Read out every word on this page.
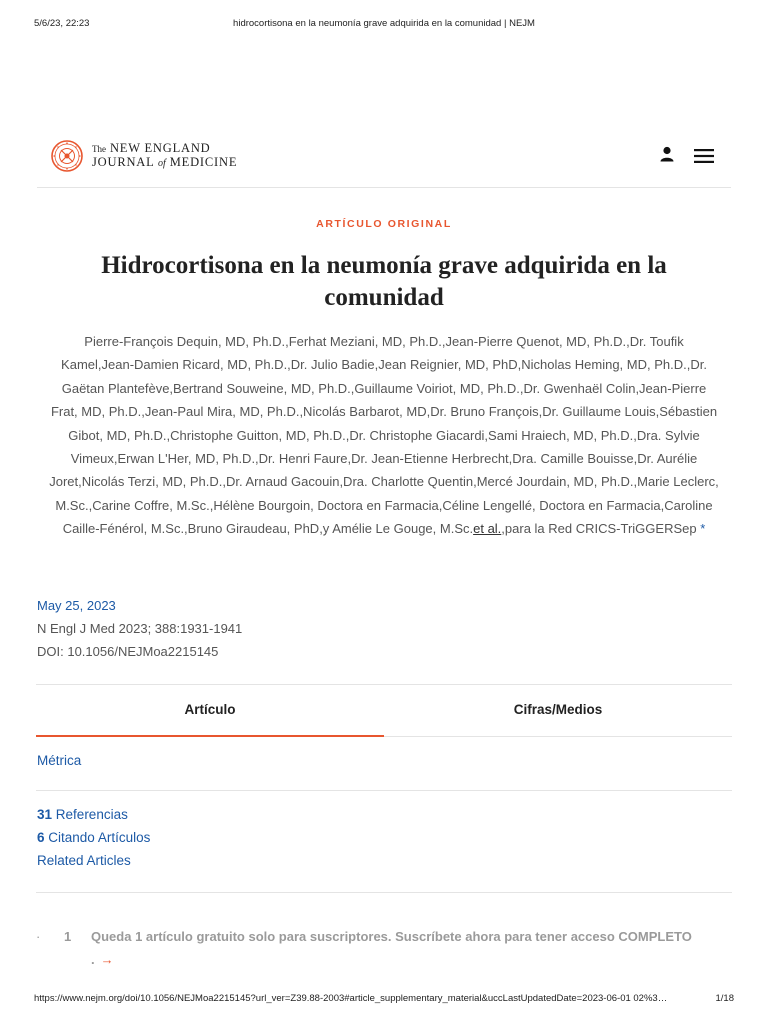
5/6/23, 22:23	hidrocortisona en la neumonía grave adquirida en la comunidad | NEJM
The NEW ENGLAND
JOURNAL of MEDICINE
ARTÍCULO ORIGINAL
Hidrocortisona en la neumonía grave adquirida en la comunidad

Pierre-François Dequin, MD, Ph.D.,Ferhat Meziani, MD, Ph.D.,Jean-Pierre Quenot, MD, Ph.D.,Dr. Toufik Kamel,Jean-Damien Ricard, MD, Ph.D.,Dr. Julio Badie,Jean Reignier, MD, PhD,Nicholas Heming, MD, Ph.D.,Dr. Gaëtan Plantefève,Bertrand Souweine, MD, Ph.D.,Guillaume Voiriot, MD, Ph.D.,Dr. Gwenhaël Colin,Jean-Pierre Frat, MD, Ph.D.,Jean-Paul Mira, MD, Ph.D.,Nicolás Barbarot, MD,Dr. Bruno François,Dr. Guillaume Louis,Sébastien Gibot, MD, Ph.D.,Christophe Guitton, MD, Ph.D.,Dr. Christophe Giacardi,Sami Hraiech, MD, Ph.D.,Dra. Sylvie Vimeux,Erwan L'Her, MD, Ph.D.,Dr. Henri Faure,Dr. Jean-Etienne Herbrecht,Dra. Camille Bouisse,Dr. Aurélie Joret,Nicolás Terzi, MD, Ph.D.,Dr. Arnaud Gacouin,Dra. Charlotte Quentin,Mercé Jourdain, MD, Ph.D.,Marie Leclerc, M.Sc.,Carine Coffre, M.Sc.,Hélène Bourgoin, Doctora en Farmacia,Céline Lengellé, Doctora en Farmacia,Caroline Caille-Fénérol, M.Sc.,Bruno Giraudeau, PhD,y Amélie Le Gouge, M.Sc.et al.,para la Red CRICS-TriGGERSep *

May 25, 2023
N Engl J Med 2023; 388:1931-1941
DOI: 10.1056/NEJMoa2215145
Artículo	Cifras/Medios
Métrica
31 Referencias
6 Citando Artículos
Related Articles
· 1 Queda 1 artículo gratuito solo para suscriptores. Suscríbete ahora para tener acceso COMPLETO . →
https://www.nejm.org/doi/10.1056/NEJMoa2215145?url_ver=Z39.88-2003#article_supplementary_material&uccLastUpdatedDate=2023-06-01 02%3…	1/18
